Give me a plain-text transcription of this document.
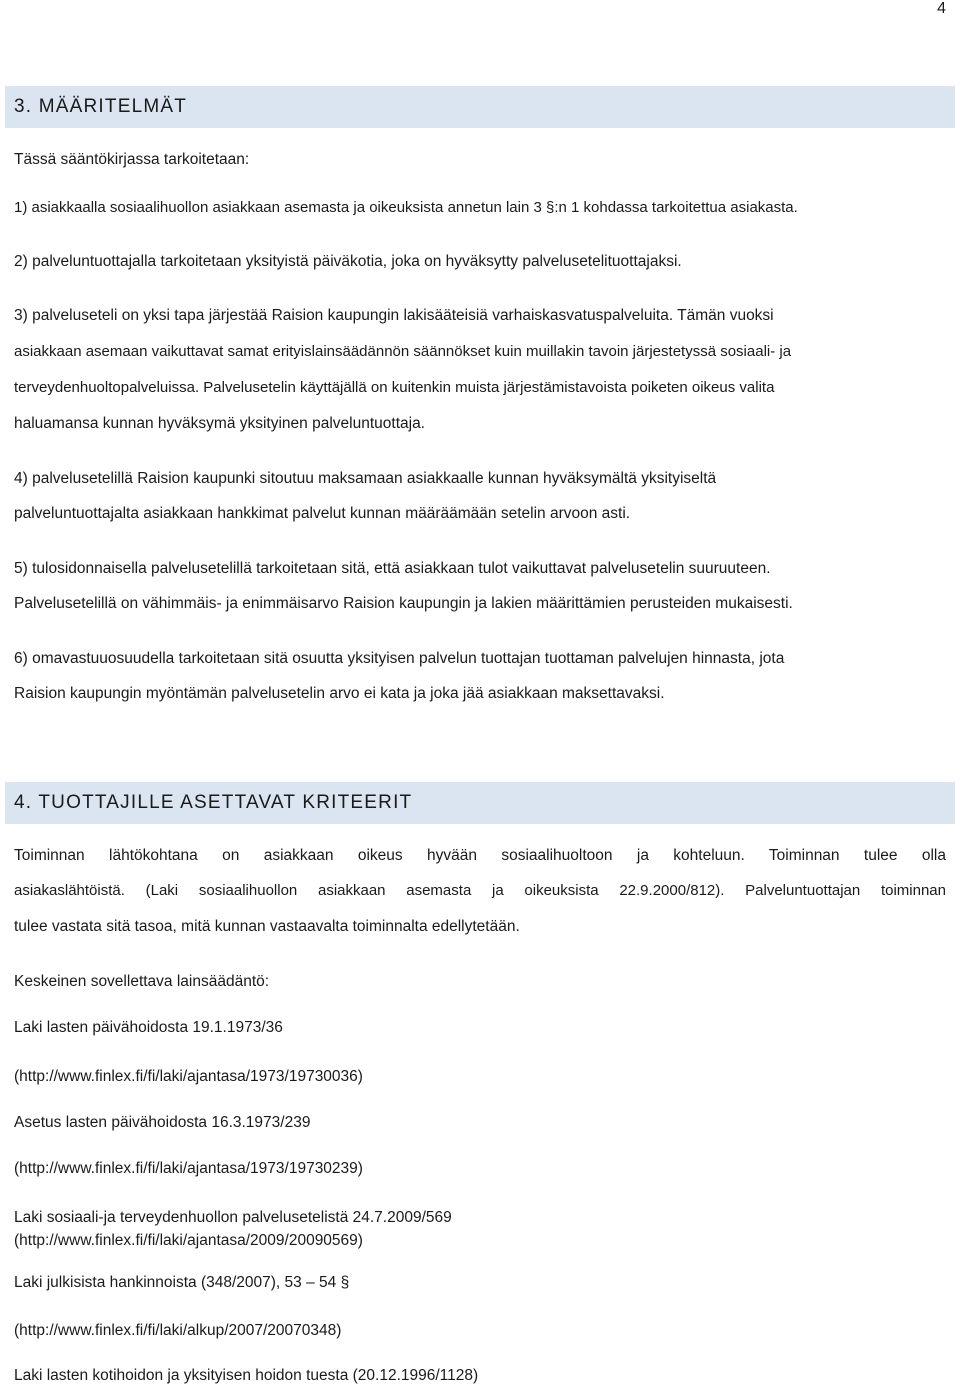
4
3. MÄÄRITELMÄT
Tässä sääntökirjassa tarkoitetaan:
1) asiakkaalla sosiaalihuollon asiakkaan asemasta ja oikeuksista annetun lain 3 §:n 1 kohdassa tarkoitettua asiakasta.
2) palveluntuottajalla tarkoitetaan yksityistä päiväkotia, joka on hyväksytty palvelusetelituottajaksi.
3) palveluseteli on yksi tapa järjestää Raision kaupungin lakisääteisiä varhaiskasvatuspalveluita. Tämän vuoksi
asiakkaan asemaan vaikuttavat samat erityislainsäädännön säännökset kuin muillakin tavoin järjestetyssä sosiaali- ja
terveydenhuoltopalveluissa. Palvelusetelin käyttäjällä on kuitenkin muista järjestämistavoista poiketen oikeus valita
haluamansa kunnan hyväksymä yksityinen palveluntuottaja.
4) palvelusetelillä Raision kaupunki sitoutuu maksamaan asiakkaalle kunnan hyväksymältä yksityiseltä
palveluntuottajalta asiakkaan hankkimat palvelut kunnan määräämään setelin arvoon asti.
5) tulosidonnaisella palvelusetelillä tarkoitetaan sitä, että asiakkaan tulot vaikuttavat palvelusetelin suuruuteen.
Palvelusetelillä on vähimmäis- ja enimmäisarvo Raision kaupungin ja lakien määrittämien perusteiden mukaisesti.
6) omavastuuosuudella tarkoitetaan sitä osuutta yksityisen palvelun tuottajan tuottaman palvelujen hinnasta, jota
Raision kaupungin myöntämän palvelusetelin arvo ei kata ja joka jää asiakkaan maksettavaksi.
4. TUOTTAJILLE ASETTAVAT KRITEERIT
Toiminnan lähtökohtana on asiakkaan oikeus hyvään sosiaalihuoltoon ja kohteluun. Toiminnan tulee olla
asiakaslähtöistä. (Laki sosiaalihuollon asiakkaan asemasta ja oikeuksista 22.9.2000/812). Palveluntuottajan toiminnan
tulee vastata sitä tasoa, mitä kunnan vastaavalta toiminnalta edellytetään.
Keskeinen sovellettava lainsäädäntö:
Laki lasten päivähoidosta 19.1.1973/36
(http://www.finlex.fi/fi/laki/ajantasa/1973/19730036)
Asetus lasten päivähoidosta 16.3.1973/239
(http://www.finlex.fi/fi/laki/ajantasa/1973/19730239)
Laki sosiaali-ja terveydenhuollon palvelusetelistä 24.7.2009/569
(http://www.finlex.fi/fi/laki/ajantasa/2009/20090569)
Laki julkisista hankinnoista (348/2007), 53 – 54 §
(http://www.finlex.fi/fi/laki/alkup/2007/20070348)
Laki lasten kotihoidon ja yksityisen hoidon tuesta (20.12.1996/1128)
